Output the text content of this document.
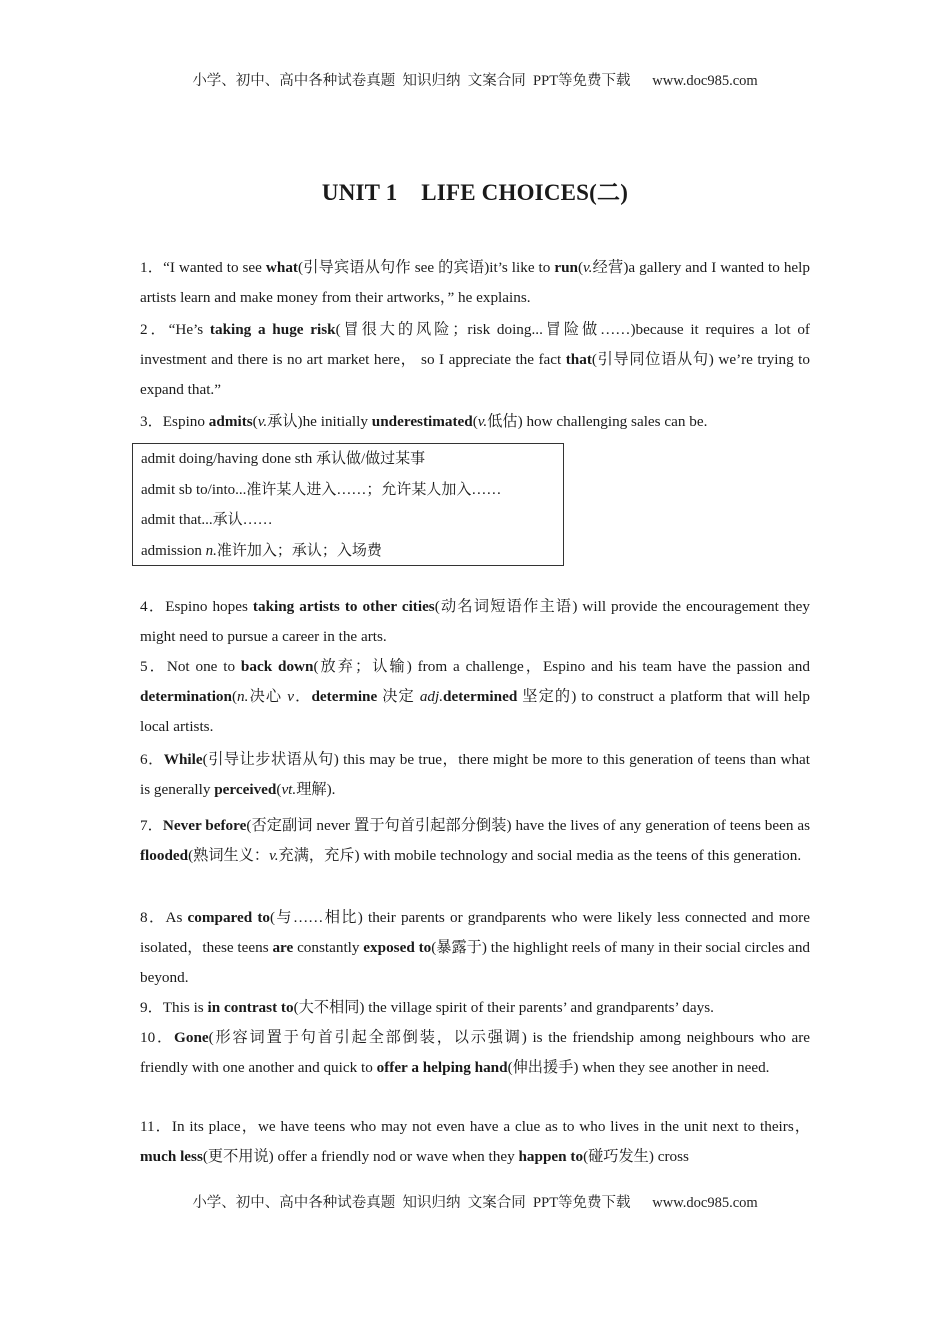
小学、初中、高中各种试卷真题  知识归纳  文案合同  PPT等免费下载      www.doc985.com
UNIT 1    LIFE CHOICES(二)
1．“I wanted to see what(引导宾语从句作 see 的宾语)it’s like to run(v.经营)a gallery and I wanted to help artists learn and make money from their artworks，” he explains.
2．“He’s taking a huge risk(冒很大的风险；risk doing...冒险做……)because it requires a lot of investment and there is no art market here， so I appreciate the fact that(引导同位语从句) we’re trying to expand that.”
3．Espino admits(v.承认)he initially underestimated(v.低估) how challenging sales can be.
admit doing/having done sth 承认做/做过某事
admit sb to/into...准许某人进入……；允许某人加入……
admit that...承认……
admission n.准许加入；承认；入场费
4．Espino hopes taking artists to other cities(动名词短语作主语) will provide the encouragement they might need to pursue a career in the arts.
5．Not one to back down(放弃；认输) from a challenge，Espino and his team have the passion and determination(n.决心 v．determine 决定 adj.determined 坚定的) to construct a platform that will help local artists.
6．While(引导让步状语从句) this may be true，there might be more to this generation of teens than what is generally perceived(vt.理解).
7．Never before(否定副词 never 置于句首引起部分倒装) have the lives of any generation of teens been as flooded(熟词生义：v.充满，充斥) with mobile technology and social media as the teens of this generation.
8．As compared to(与……相比) their parents or grandparents who were likely less connected and more isolated，these teens are constantly exposed to(暴露于) the highlight reels of many in their social circles and beyond.
9．This is in contrast to(大不相同) the village spirit of their parents’ and grandparents’ days.
10．Gone(形容词置于句首引起全部倒装，以示强调) is the friendship among neighbours who are friendly with one another and quick to offer a helping hand(伸出援手) when they see another in need.
11．In its place，we have teens who may not even have a clue as to who lives in the unit next to theirs，much less(更不用说) offer a friendly nod or wave when they happen to(碰巧发生) cross
小学、初中、高中各种试卷真题  知识归纳  文案合同  PPT等免费下载      www.doc985.com
